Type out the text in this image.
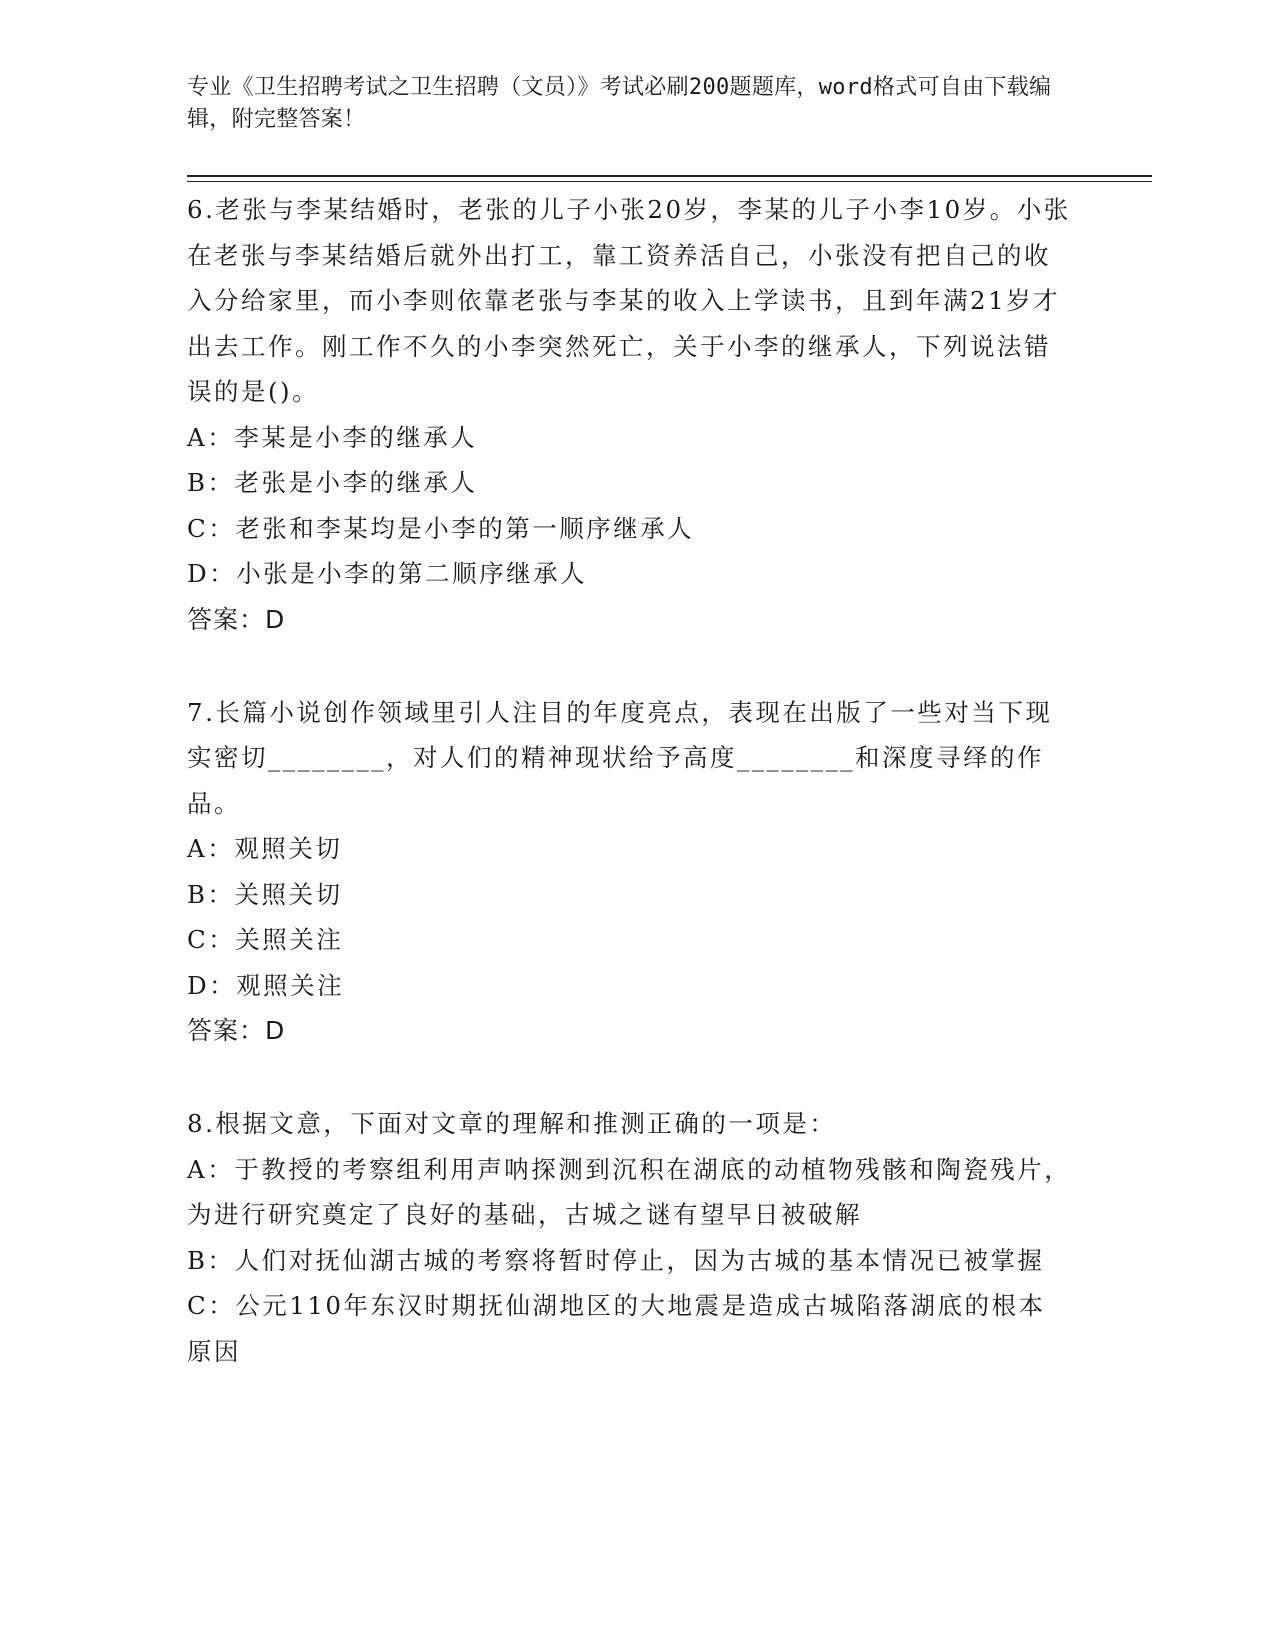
专业《卫生招聘考试之卫生招聘（文员）》考试必刷200题题库，word格式可自由下载编辑，附完整答案！
6.老张与李某结婚时，老张的儿子小张20岁，李某的儿子小李10岁。小张在老张与李某结婚后就外出打工，靠工资养活自己，小张没有把自己的收入分给家里，而小李则依靠老张与李某的收入上学读书，且到年满21岁才出去工作。刚工作不久的小李突然死亡，关于小李的继承人，下列说法错误的是()。
A：李某是小李的继承人
B：老张是小李的继承人
C：老张和李某均是小李的第一顺序继承人
D：小张是小李的第二顺序继承人
答案：D
7.长篇小说创作领域里引人注目的年度亮点，表现在出版了一些对当下现实密切________，对人们的精神现状给予高度________和深度寻绎的作品。
A：观照关切
B：关照关切
C：关照关注
D：观照关注
答案：D
8.根据文意，下面对文章的理解和推测正确的一项是：
A：于教授的考察组利用声呐探测到沉积在湖底的动植物残骸和陶瓷残片，为进行研究奠定了良好的基础，古城之谜有望早日被破解
B：人们对抚仙湖古城的考察将暂时停止，因为古城的基本情况已被掌握
C：公元110年东汉时期抚仙湖地区的大地震是造成古城陷落湖底的根本原因
